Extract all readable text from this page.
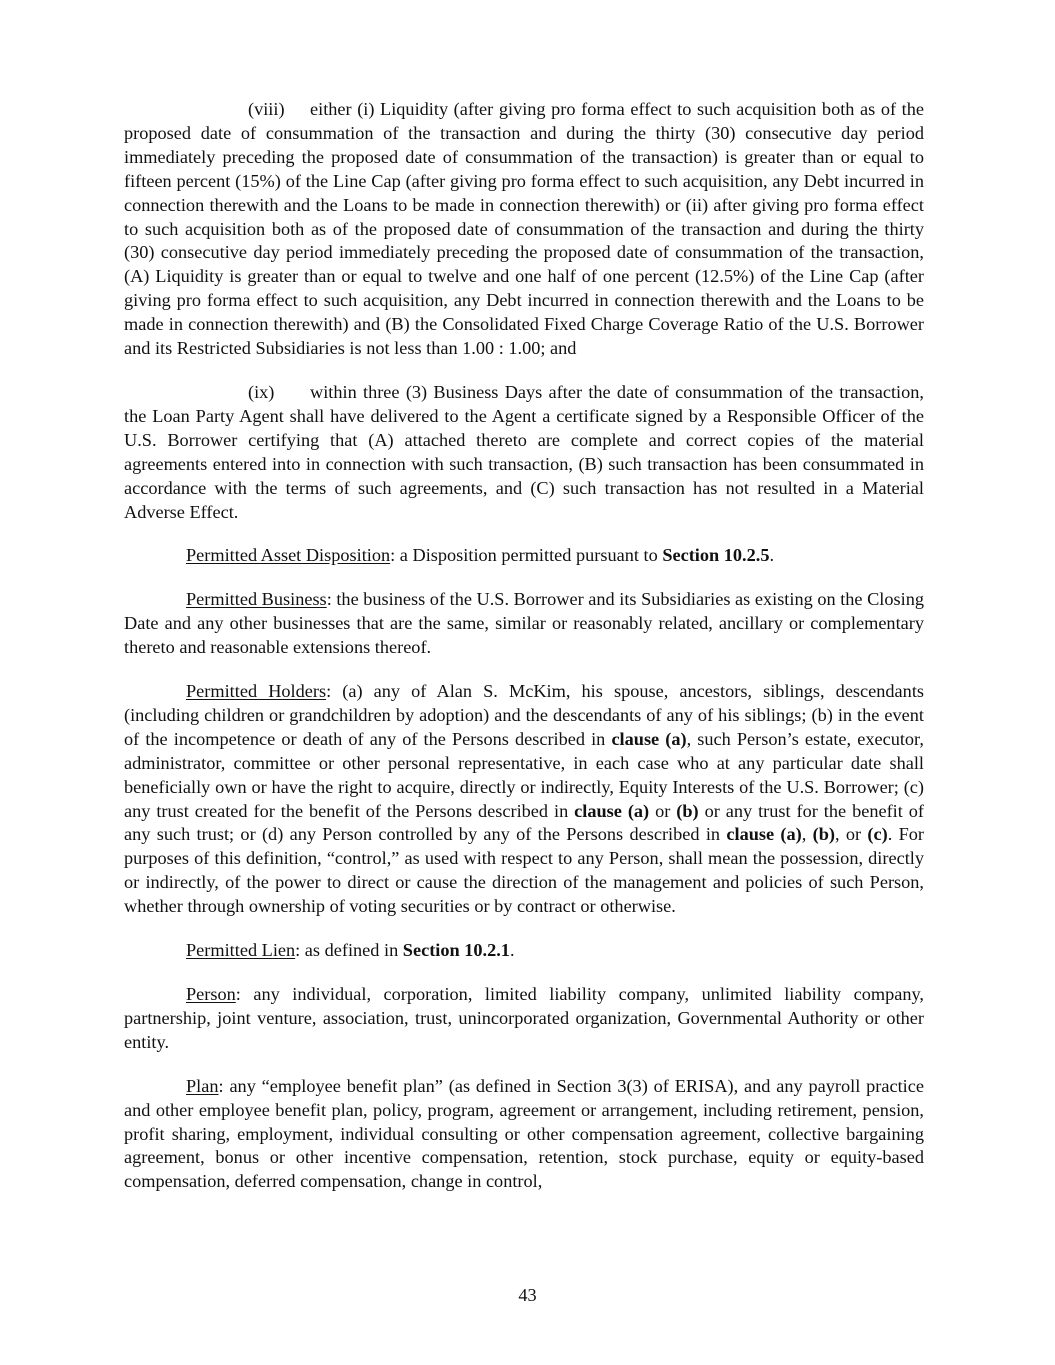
(viii) either (i) Liquidity (after giving pro forma effect to such acquisition both as of the proposed date of consummation of the transaction and during the thirty (30) consecutive day period immediately preceding the proposed date of consummation of the transaction) is greater than or equal to fifteen percent (15%) of the Line Cap (after giving pro forma effect to such acquisition, any Debt incurred in connection therewith and the Loans to be made in connection therewith) or (ii) after giving pro forma effect to such acquisition both as of the proposed date of consummation of the transaction and during the thirty (30) consecutive day period immediately preceding the proposed date of consummation of the transaction, (A) Liquidity is greater than or equal to twelve and one half of one percent (12.5%) of the Line Cap (after giving pro forma effect to such acquisition, any Debt incurred in connection therewith and the Loans to be made in connection therewith) and (B) the Consolidated Fixed Charge Coverage Ratio of the U.S. Borrower and its Restricted Subsidiaries is not less than 1.00 : 1.00; and

(ix) within three (3) Business Days after the date of consummation of the transaction, the Loan Party Agent shall have delivered to the Agent a certificate signed by a Responsible Officer of the U.S. Borrower certifying that (A) attached thereto are complete and correct copies of the material agreements entered into in connection with such transaction, (B) such transaction has been consummated in accordance with the terms of such agreements, and (C) such transaction has not resulted in a Material Adverse Effect.

Permitted Asset Disposition: a Disposition permitted pursuant to Section 10.2.5.

Permitted Business: the business of the U.S. Borrower and its Subsidiaries as existing on the Closing Date and any other businesses that are the same, similar or reasonably related, ancillary or complementary thereto and reasonable extensions thereof.

Permitted Holders: (a) any of Alan S. McKim, his spouse, ancestors, siblings, descendants (including children or grandchildren by adoption) and the descendants of any of his siblings; (b) in the event of the incompetence or death of any of the Persons described in clause (a), such Person’s estate, executor, administrator, committee or other personal representative, in each case who at any particular date shall beneficially own or have the right to acquire, directly or indirectly, Equity Interests of the U.S. Borrower; (c) any trust created for the benefit of the Persons described in clause (a) or (b) or any trust for the benefit of any such trust; or (d) any Person controlled by any of the Persons described in clause (a), (b), or (c). For purposes of this definition, “control,” as used with respect to any Person, shall mean the possession, directly or indirectly, of the power to direct or cause the direction of the management and policies of such Person, whether through ownership of voting securities or by contract or otherwise.

Permitted Lien: as defined in Section 10.2.1.

Person: any individual, corporation, limited liability company, unlimited liability company, partnership, joint venture, association, trust, unincorporated organization, Governmental Authority or other entity.

Plan: any “employee benefit plan” (as defined in Section 3(3) of ERISA), and any payroll practice and other employee benefit plan, policy, program, agreement or arrangement, including retirement, pension, profit sharing, employment, individual consulting or other compensation agreement, collective bargaining agreement, bonus or other incentive compensation, retention, stock purchase, equity or equity-based compensation, deferred compensation, change in control,

43
